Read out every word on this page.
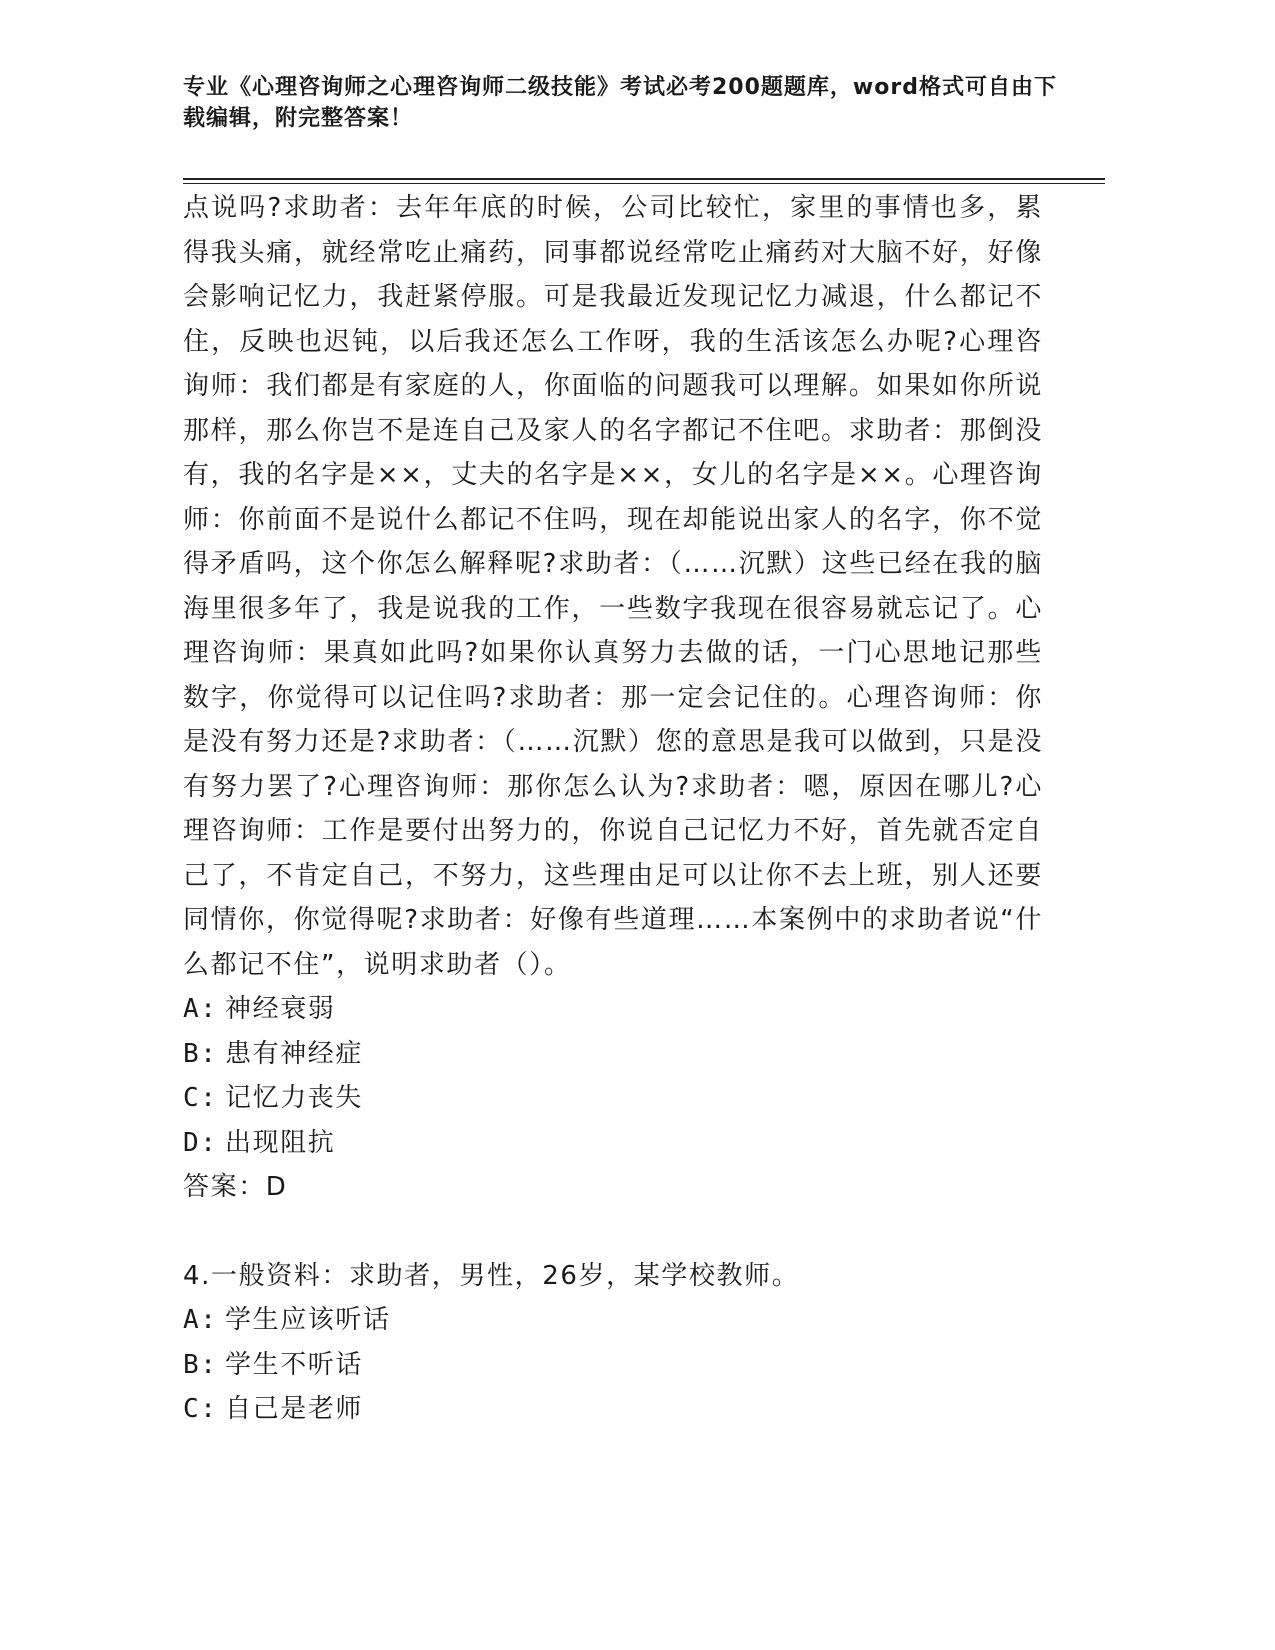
专业《心理咨询师之心理咨询师二级技能》考试必考200题题库，word格式可自由下载编辑，附完整答案！

点说吗?求助者：去年年底的时候，公司比较忙，家里的事情也多，累得我头痛，就经常吃止痛药，同事都说经常吃止痛药对大脑不好，好像会影响记忆力，我赶紧停服。可是我最近发现记忆力减退，什么都记不住，反映也迟钝，以后我还怎么工作呀，我的生活该怎么办呢?心理咨询师：我们都是有家庭的人，你面临的问题我可以理解。如果如你所说那样，那么你岂不是连自己及家人的名字都记不住吧。求助者：那倒没有，我的名字是××，丈夫的名字是××，女儿的名字是××。心理咨询师：你前面不是说什么都记不住吗，现在却能说出家人的名字，你不觉得矛盾吗，这个你怎么解释呢?求助者：（……沉默）这些已经在我的脑海里很多年了，我是说我的工作，一些数字我现在很容易就忘记了。心理咨询师：果真如此吗?如果你认真努力去做的话，一门心思地记那些数字，你觉得可以记住吗?求助者：那一定会记住的。心理咨询师：你是没有努力还是?求助者：（……沉默）您的意思是我可以做到，只是没有努力罢了?心理咨询师：那你怎么认为?求助者：嗯，原因在哪儿?心理咨询师：工作是要付出努力的，你说自己记忆力不好，首先就否定自己了，不肯定自己，不努力，这些理由足可以让你不去上班，别人还要同情你，你觉得呢?求助者：好像有些道理……本案例中的求助者说“什么都记不住”，说明求助者（）。

A: 神经衰弱

B: 患有神经症

C: 记忆力丧失

D: 出现阻抗

答案：D

4.一般资料：求助者，男性，26岁，某学校教师。

A: 学生应该听话

B: 学生不听话

C: 自己是老师
